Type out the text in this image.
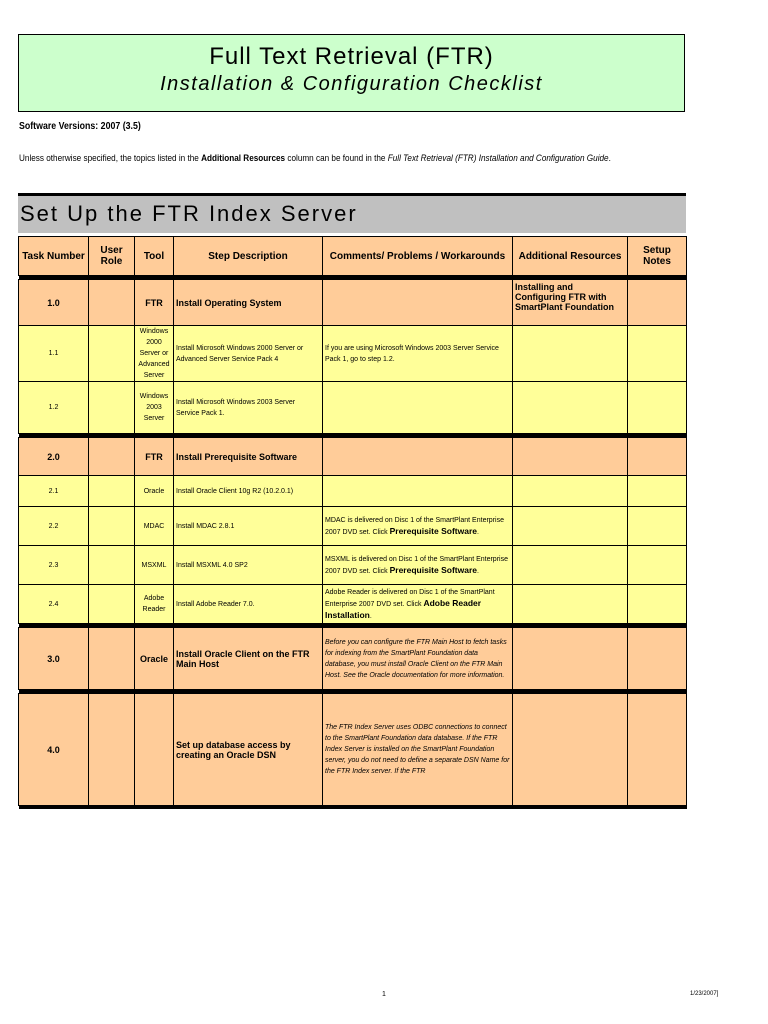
Full Text Retrieval (FTR)
Installation & Configuration Checklist
Software Versions: 2007 (3.5)
Unless otherwise specified, the topics listed in the Additional Resources column can be found in the Full Text Retrieval (FTR) Installation and Configuration Guide.
Set Up the FTR Index Server
Task Number	User Role	Tool	Step Description	Comments/ Problems / Workarounds	Additional Resources	Setup Notes

1.0		FTR	Install Operating System		Installing and Configuring FTR with SmartPlant Foundation	
1.1		Windows 2000 Server or Advanced Server	Install Microsoft Windows 2000 Server or Advanced Server Service Pack 4	If you are using Microsoft Windows 2003 Server Service Pack 1, go to step 1.2.		
1.2		Windows 2003 Server	Install Microsoft Windows 2003 Server Service Pack 1.			

2.0		FTR	Install Prerequisite Software			
2.1		Oracle	Install Oracle Client 10g R2 (10.2.0.1)			
2.2		MDAC	Install MDAC 2.8.1	MDAC is delivered on Disc 1 of the SmartPlant Enterprise 2007 DVD set. Click Prerequisite Software.		
2.3		MSXML	Install MSXML 4.0 SP2	MSXML is delivered on Disc 1 of the SmartPlant Enterprise 2007 DVD set. Click Prerequisite Software.		
2.4		Adobe Reader	Install Adobe Reader 7.0.	Adobe Reader is delivered on Disc 1 of the SmartPlant Enterprise 2007 DVD set. Click Adobe Reader Installation.		

3.0		Oracle	Install Oracle Client on the FTR Main Host	Before you can configure the FTR Main Host to fetch tasks for indexing from the SmartPlant Foundation data database, you must install Oracle Client on the FTR Main Host. See the Oracle documentation for more information.		

4.0			Set up database access by creating an Oracle DSN	The FTR Index Server uses ODBC connections to connect to the SmartPlant Foundation data database. If the FTR Index Server is installed on the SmartPlant Foundation server, you do not need to define a separate DSN Name for the FTR Index server. If the FTR		

1	1/23/2007]
